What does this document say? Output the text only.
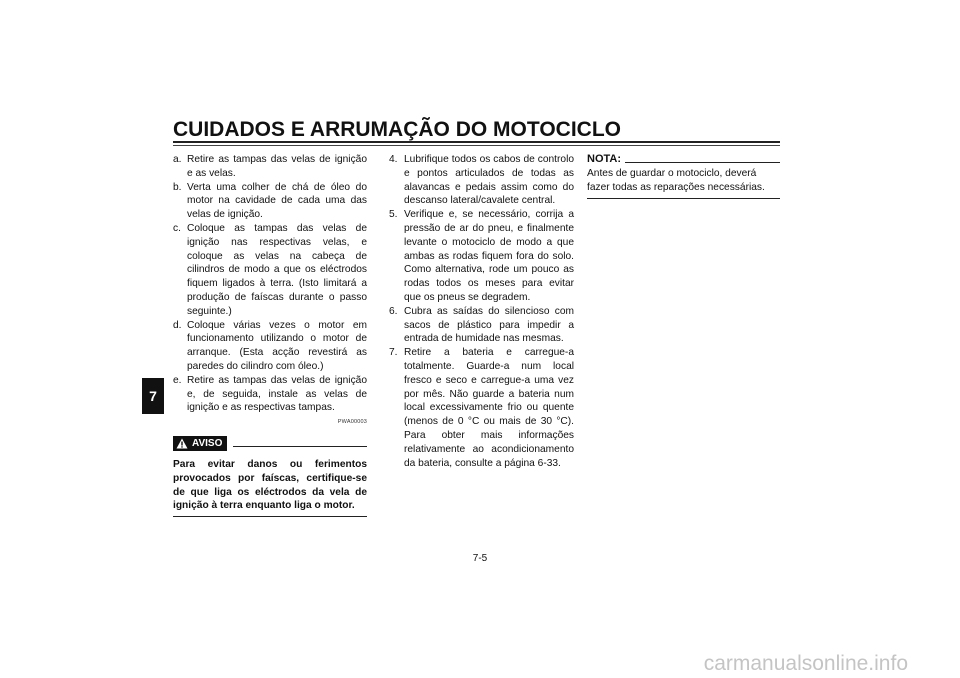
CUIDADOS E ARRUMAÇÃO DO MOTOCICLO
7
a. Retire as tampas das velas de ignição e as velas.
b. Verta uma colher de chá de óleo do motor na cavidade de cada uma das velas de ignição.
c. Coloque as tampas das velas de ignição nas respectivas velas, e coloque as velas na cabeça de cilindros de modo a que os eléctrodos fiquem ligados à terra. (Isto limitará a produção de faíscas durante o passo seguinte.)
d. Coloque várias vezes o motor em funcionamento utilizando o motor de arranque. (Esta acção revestirá as paredes do cilindro com óleo.)
e. Retire as tampas das velas de ignição e, de seguida, instale as velas de ignição e as respectivas tampas.
PWA00003
AVISO
Para evitar danos ou ferimentos provocados por faíscas, certifique-se de que liga os eléctrodos da vela de ignição à terra enquanto liga o motor.
4. Lubrifique todos os cabos de controlo e pontos articulados de todas as alavancas e pedais assim como do descanso lateral/cavalete central.
5. Verifique e, se necessário, corrija a pressão de ar do pneu, e finalmente levante o motociclo de modo a que ambas as rodas fiquem fora do solo. Como alternativa, rode um pouco as rodas todos os meses para evitar que os pneus se degradem.
6. Cubra as saídas do silencioso com sacos de plástico para impedir a entrada de humidade nas mesmas.
7. Retire a bateria e carregue-a totalmente. Guarde-a num local fresco e seco e carregue-a uma vez por mês. Não guarde a bateria num local excessivamente frio ou quente (menos de 0 °C ou mais de 30 °C). Para obter mais informações relativamente ao acondicionamento da bateria, consulte a página 6-33.
NOTA:
Antes de guardar o motociclo, deverá fazer todas as reparações necessárias.
7-5
carmanualsonline.info
